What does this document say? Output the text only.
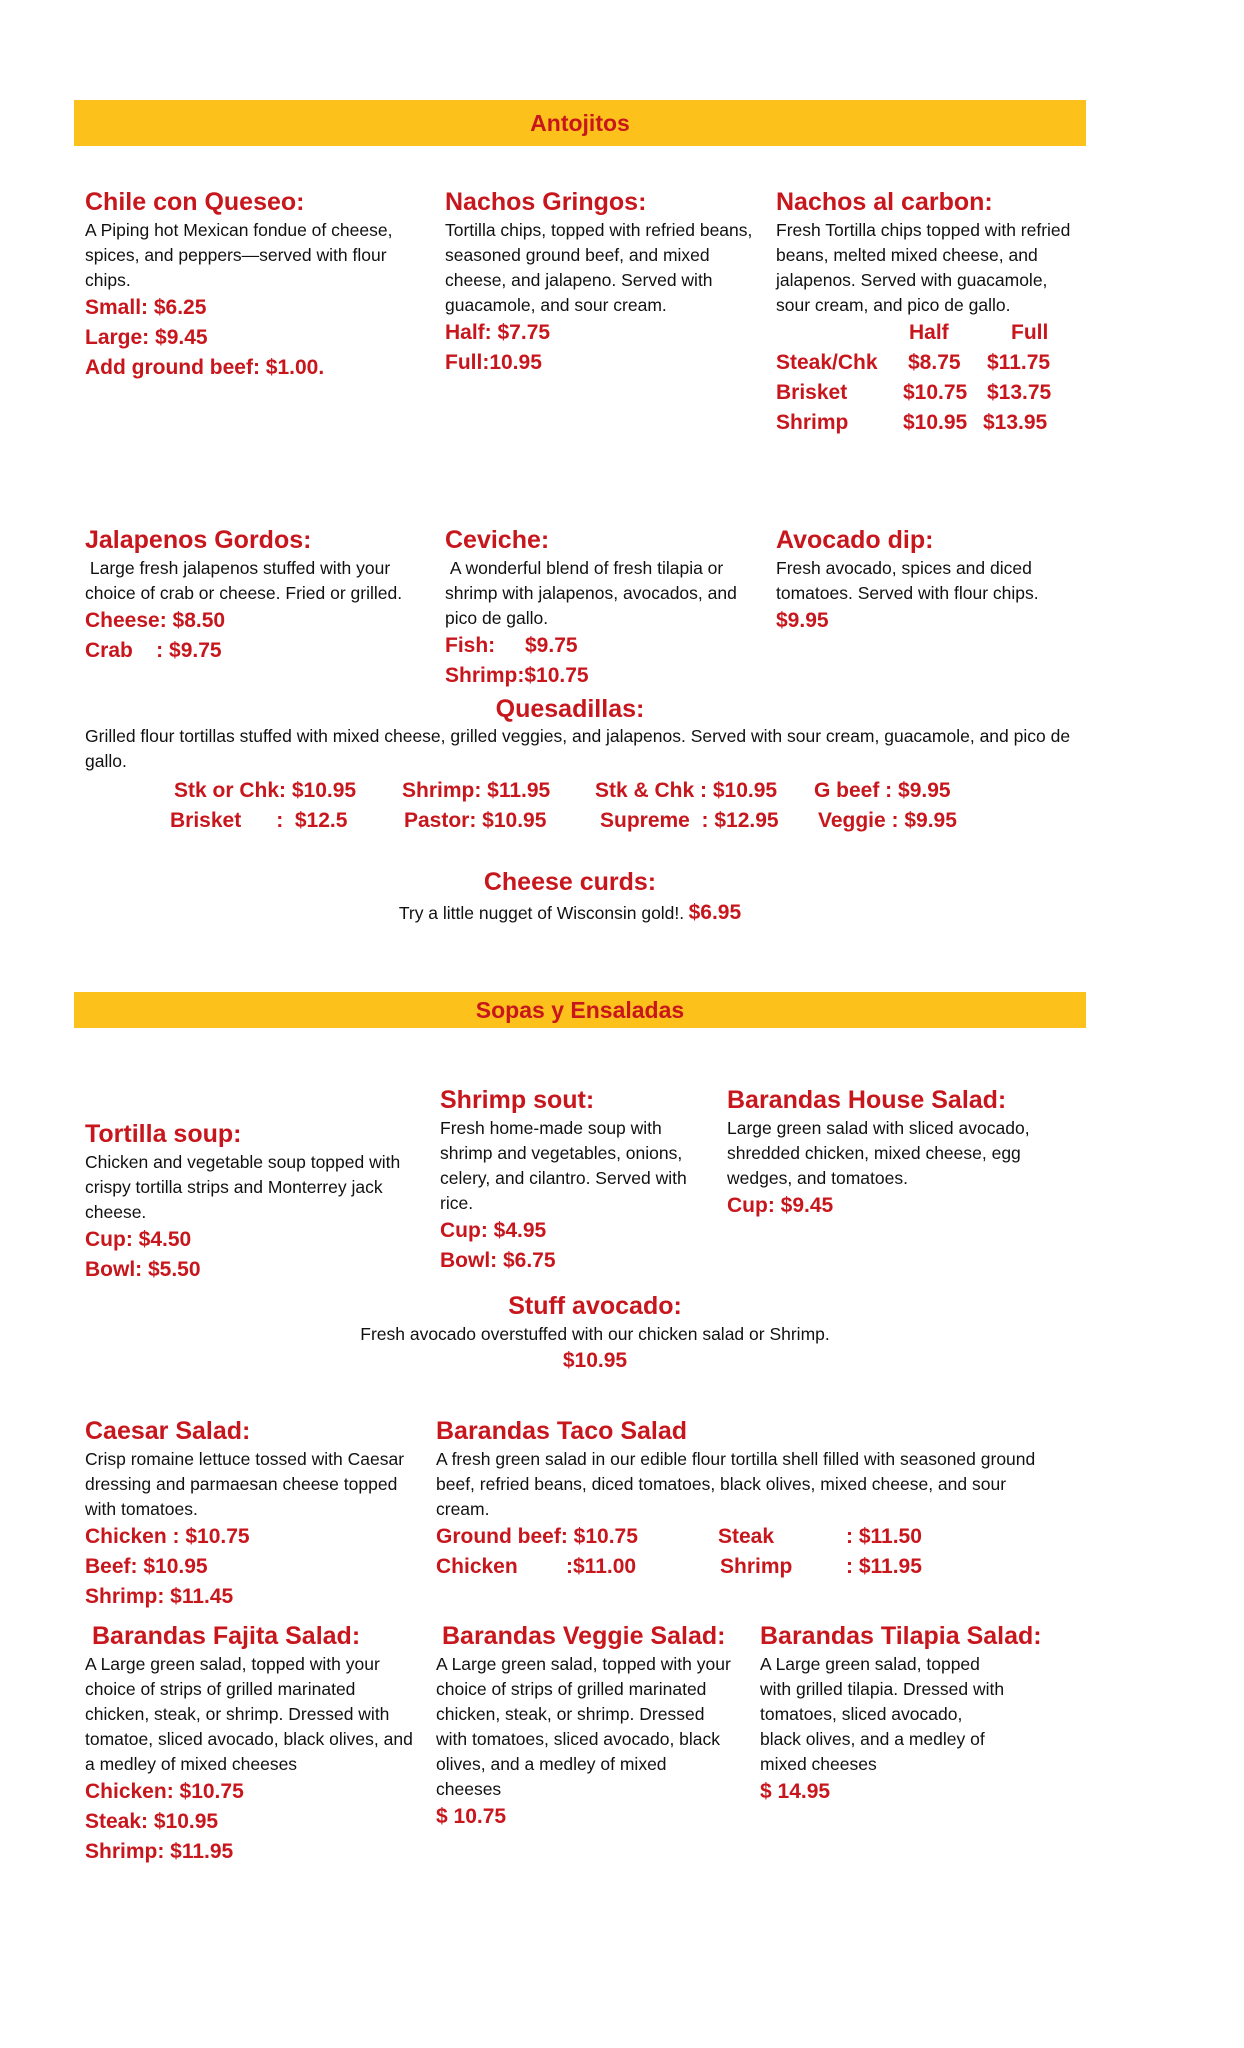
Antojitos
Chile con Queseo:
A Piping hot Mexican fondue of cheese, spices, and peppers—served with flour chips.
Small: $6.25
Large: $9.45
Add ground beef: $1.00.
Nachos Gringos:
Tortilla chips, topped with refried beans, seasoned ground beef, and mixed cheese, and jalapeno. Served with guacamole, and sour cream.
Half: $7.75
Full:10.95
Nachos al carbon:
Fresh Tortilla chips topped with refried beans, melted mixed cheese, and jalapenos. Served with guacamole, sour cream, and pico de gallo.
Half	Full
Steak/Chk $8.75 $11.75
Brisket	$10.75 $13.75
Shrimp	$10.95 $13.95
Jalapenos Gordos:
Large fresh jalapenos stuffed with your choice of crab or cheese. Fried or grilled.
Cheese: $8.50
Crab    : $9.75
Ceviche:
A wonderful blend of fresh tilapia or shrimp with jalapenos, avocados, and pico de gallo.
Fish: $9.75
Shrimp:$10.75
Avocado dip:
Fresh avocado, spices and diced tomatoes. Served with flour chips.
$9.95
Quesadillas:
Grilled flour tortillas stuffed with mixed cheese, grilled veggies, and jalapenos. Served with sour cream, guacamole, and pico de gallo.
Stk or Chk: $10.95 Shrimp: $11.95 Stk & Chk : $10.95 G beef : $9.95
Brisket      :  $12.5	Pastor: $10.95	Supreme  : $12.95 Veggie : $9.95
Cheese curds:
Try a little nugget of Wisconsin gold!. $6.95
Sopas y Ensaladas
Tortilla soup:
Chicken and vegetable soup topped with crispy tortilla strips and Monterrey jack cheese.
Cup: $4.50
Bowl: $5.50
Shrimp sout:
Fresh home-made soup with shrimp and vegetables, onions, celery, and cilantro. Served with rice.
Cup: $4.95
Bowl: $6.75
Barandas House Salad:
Large green salad with sliced avocado, shredded chicken, mixed cheese, egg wedges, and tomatoes.
Cup: $9.45
Stuff avocado:
Fresh avocado overstuffed with our chicken salad or Shrimp.
$10.95
Caesar Salad:
Crisp romaine lettuce tossed with Caesar dressing and parmaesan cheese topped with tomatoes.
Chicken : $10.75
Beef: $10.95
Shrimp: $11.45
Barandas Taco Salad
A fresh green salad in our edible flour tortilla shell filled with seasoned ground beef, refried beans, diced tomatoes, black olives, mixed cheese, and sour cream.
Ground beef: $10.75	Steak	: $11.50
Chicken :$11.00	Shrimp	: $11.95
Barandas Fajita Salad:
A Large green salad, topped with your choice of strips of grilled marinated chicken, steak, or shrimp. Dressed with tomatoe, sliced avocado, black olives, and a medley of mixed cheeses
Chicken: $10.75
Steak: $10.95
Shrimp: $11.95
Barandas Veggie Salad:
A Large green salad, topped with your choice of strips of grilled marinated chicken, steak, or shrimp. Dressed with tomatoes, sliced avocado, black olives, and a medley of mixed cheeses
$ 10.75
Barandas Tilapia Salad:
A Large green salad, topped with grilled tilapia. Dressed with tomatoes, sliced avocado, black olives, and a medley of mixed cheeses
$ 14.95
